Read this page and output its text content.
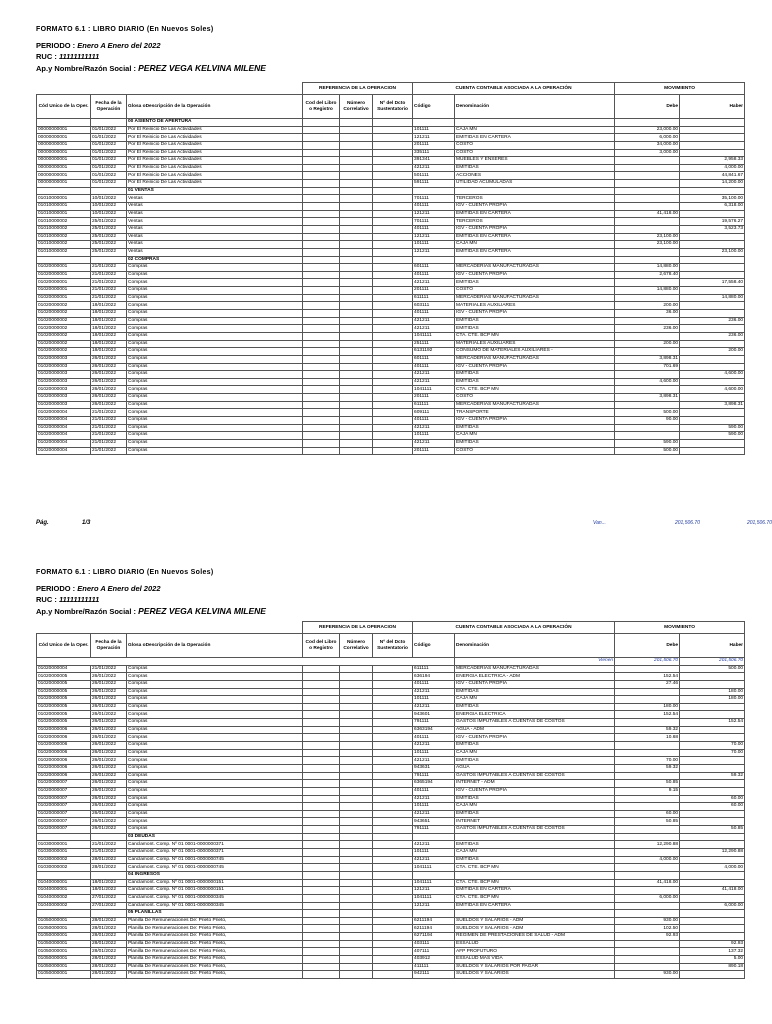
FORMATO 6.1 : LIBRO DIARIO (En Nuevos Soles)
PERIODO : Enero A Enero del 2022
RUC : 11111111111
Ap.y Nombre/Razón Social : PEREZ VEGA KELVINA MILENE
			REFERENCIA DE LA OPERACION			CUENTA CONTABLE ASOCIADA A LA OPERACIÓN		MOVIMIENTO	
Cód Unico de la Oper.	Fecha de la Operación	Glosa oDescripción de la Operación	Cod del Libro o Registro	Número Correlativo	Nº del Dcto Sustentatorio	Código	Denominación	Debe	Haber
		00 ASIENTO DE APERTURA							
00000000001	01/01/2022	Por El Reinicio De Las Actividades				101111	CAJA MN	23,000.00	
00000000001	01/01/2022	Por El Reinicio De Las Actividades				121211	EMITIDAS EN CARTERA	6,000.00	
00000000001	01/01/2022	Por El Reinicio De Las Actividades				201111	COSTO	34,000.00	
00000000001	01/01/2022	Por El Reinicio De Las Actividades				335111	COSTO	3,000.00	
00000000001	01/01/2022	Por El Reinicio De Las Actividades				391341	MUEBLES Y ENSERES		2,958.33
00000000001	01/01/2022	Por El Reinicio De Las Actividades				421211	EMITIDAS		4,000.00
00000000001	01/01/2022	Por El Reinicio De Las Actividades				501111	ACCIONES		44,841.67
00000000001	01/01/2022	Por El Reinicio De Las Actividades				591111	UTILIDAD ACUMULADAS		14,200.00
		01 VENTAS							
01010000001	10/01/2022	Ventas				701111	TERCEROS		35,100.00
01010000001	10/01/2022	Ventas				401111	IGV - CUENTA PROPIA		6,318.00
01010000001	10/01/2022	Ventas				121211	EMITIDAS EN CARTERA	41,418.00	
01010000002	25/01/2022	Ventas				701111	TERCEROS		19,576.27
01010000002	25/01/2022	Ventas				401111	IGV - CUENTA PROPIA		3,523.73
01010000002	25/01/2022	Ventas				121211	EMITIDAS EN CARTERA	23,100.00	
01010000002	25/01/2022	Ventas				101111	CAJA MN	23,100.00	
01010000002	25/01/2022	Ventas				121211	EMITIDAS EN CARTERA		23,100.00
		02 COMPRAS							
01020000001	21/01/2022	Compras				601111	MERCADERIAS MANUFACTURADAS	14,880.00	
01020000001	21/01/2022	Compras				401111	IGV - CUENTA PROPIA	2,678.40	
01020000001	21/01/2022	Compras				421211	EMITIDAS		17,558.40
01020000001	21/01/2022	Compras				201111	COSTO	14,880.00	
01020000001	21/01/2022	Compras				611111	MERCADERIAS MANUFACTURADAS		14,880.00
01020000002	18/01/2022	Compras				603111	MATERIALES AUXILIARES	200.00	
01020000002	18/01/2022	Compras				401111	IGV - CUENTA PROPIA	36.00	
01020000002	18/01/2022	Compras				421211	EMITIDAS		236.00
01020000002	18/01/2022	Compras				421211	EMITIDAS	236.00	
01020000002	18/01/2022	Compras				1041111	CTA. CTE. BCP MN		236.00
01020000002	18/01/2022	Compras				251111	MATERIALES AUXILIARES	200.00	
01020000002	18/01/2022	Compras				6131192	CONSUMO DE MATERIALES AUXILIARES -		200.00
01020000003	26/01/2022	Compras				601111	MERCADERIAS MANUFACTURADAS	3,898.31	
01020000003	26/01/2022	Compras				401111	IGV - CUENTA PROPIA	701.69	
01020000003	26/01/2022	Compras				421211	EMITIDAS		4,600.00
01020000003	26/01/2022	Compras				421211	EMITIDAS	4,600.00	
01020000003	26/01/2022	Compras				1041111	CTA. CTE. BCP MN		4,600.00
01020000003	26/01/2022	Compras				201111	COSTO	3,898.31	
01020000003	26/01/2022	Compras				611111	MERCADERIAS MANUFACTURADAS		3,898.31
01020000004	21/01/2022	Compras				609111	TRANSPORTE	500.00	
01020000004	21/01/2022	Compras				401111	IGV - CUENTA PROPIA	90.00	
01020000004	21/01/2022	Compras				421211	EMITIDAS		590.00
01020000004	21/01/2022	Compras				101111	CAJA MN		590.00
01020000004	21/01/2022	Compras				421211	EMITIDAS	590.00	
01020000004	21/01/2022	Compras				201111	COSTO	500.00	
Pág.	1/3	Van...	201,506.70	201,506.70
FORMATO 6.1 : LIBRO DIARIO (En Nuevos Soles)
PERIODO : Enero A Enero del 2022
RUC : 11111111111
Ap.y Nombre/Razón Social : PEREZ VEGA KELVINA MILENE
			REFERENCIA DE LA OPERACION			CUENTA CONTABLE ASOCIADA A LA OPERACIÓN		MOVIMIENTO	
Cód Unico de la Oper.	Fecha de la Operación	Glosa oDescripción de la Operación	Cod del Libro o Registro	Número Correlativo	Nº del Dcto Sustentatorio	Código	Denominación	Debe	Haber
							Vienen	201,506.70	201,506.70
01020000004	21/01/2022	Compras				611111	MERCADERIAS MANUFACTURADAS		500.00
01020000005	26/01/2022	Compras				636194	ENERGIA ELECTRICA - ADM	152.54	
01020000005	26/01/2022	Compras				401111	IGV - CUENTA PROPIA	27.46	
01020000005	26/01/2022	Compras				421211	EMITIDAS		180.00
01020000005	26/01/2022	Compras				101111	CAJA MN		180.00
01020000005	26/01/2022	Compras				421211	EMITIDAS	180.00	
01020000005	26/01/2022	Compras				943601	ENERGIA ELECTRICA	152.54	
01020000005	26/01/2022	Compras				791111	GASTOS IMPUTABLES A CUENTAS DE COSTOS		152.54
01020000006	26/01/2022	Compras				6363194	AGUA - ADM	59.32	
01020000006	26/01/2022	Compras				401111	IGV - CUENTA PROPIA	10.68	
01020000006	26/01/2022	Compras				421211	EMITIDAS		70.00
01020000006	26/01/2022	Compras				101111	CAJA MN		70.00
01020000006	26/01/2022	Compras				421211	EMITIDAS	70.00	
01020000006	26/01/2022	Compras				943631	AGUA	59.32	
01020000006	26/01/2022	Compras				791111	GASTOS IMPUTABLES A CUENTAS DE COSTOS		59.32
01020000007	26/01/2022	Compras				6365194	INTERNET - ADM	50.85	
01020000007	26/01/2022	Compras				401111	IGV - CUENTA PROPIA	9.15	
01020000007	26/01/2022	Compras				421211	EMITIDAS		60.00
01020000007	26/01/2022	Compras				101111	CAJA MN		60.00
01020000007	26/01/2022	Compras				421211	EMITIDAS	60.00	
01020000007	26/01/2022	Compras				943651	INTERNET	50.85	
01020000007	26/01/2022	Compras				791111	GASTOS IMPUTABLES A CUENTAS DE COSTOS		50.85
		03 DEUDAS							
01030000001	21/01/2022	Canclamont. Comp. Nº 01 0001-0000000371				421211	EMITIDAS	12,290.88	
01030000001	21/01/2022	Canclamont. Comp. Nº 01 0001-0000000371				101111	CAJA MN		12,290.88
01030000002	28/01/2022	Canclamont. Comp. Nº 01 0001-0000000745				421211	EMITIDAS	4,000.00	
01030000002	28/01/2022	Canclamont. Comp. Nº 01 0001-0000000745				1041111	CTA. CTE. BCP MN		4,000.00
		04 INGRESOS							
01040000001	18/01/2022	Canclamont. Comp. Nº 01 0001-0000000151				1041111	CTA. CTE. BCP MN	41,418.00	
01040000001	18/01/2022	Canclamont. Comp. Nº 01 0001-0000000151				121211	EMITIDAS EN CARTERA		41,418.00
01040000002	27/01/2022	Canclamont. Comp. Nº 01 0001-0000000345				1041111	CTA. CTE. BCP MN	6,000.00	
01040000002	27/01/2022	Canclamont. Comp. Nº 01 0001-0000000345				121211	EMITIDAS EN CARTERA		6,000.00
		05 PLANILLAS							
01050000001	28/01/2022	Planilla De Remuneraciones De: Prieto Prieto,				6211194	SUELDOS Y SALARIOS - ADM	930.00	
01050000001	28/01/2022	Planilla De Remuneraciones De: Prieto Prieto,				6211194	SUELDOS Y SALARIOS - ADM	102.50	
01050000001	28/01/2022	Planilla De Remuneraciones De: Prieto Prieto,				6271194	REGIMEN DE PRESTACIONES DE SALUD - ADM	92.93	
01050000001	28/01/2022	Planilla De Remuneraciones De: Prieto Prieto,				403111	ESSALUD		92.93
01050000001	28/01/2022	Planilla De Remuneraciones De: Prieto Prieto,				407111	AFP PROFUTURO		137.32
01050000001	28/01/2022	Planilla De Remuneraciones De: Prieto Prieto,				403912	ESSALUD MAS VIDA		5.00
01050000001	28/01/2022	Planilla De Remuneraciones De: Prieto Prieto,				411111	SUELDOS Y SALARIOS POR PAGAR		890.18
01050000001	28/01/2022	Planilla De Remuneraciones De: Prieto Prieto,				942111	SUELDOS Y SALARIOS	930.00	
